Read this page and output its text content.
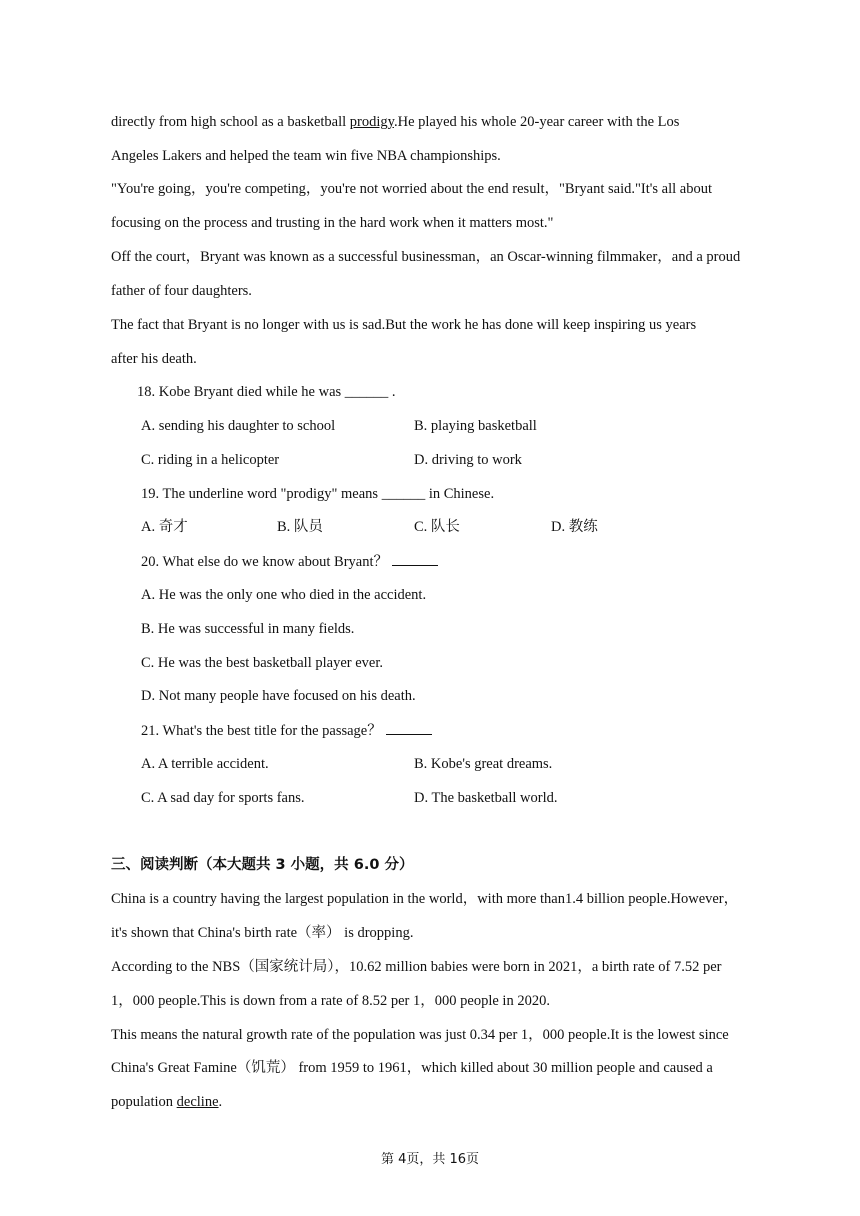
directly from high school as a basketball prodigy.He played his whole 20-year career with the Los
Angeles Lakers and helped the team win five NBA championships.
"You're going，you're competing，you're not worried about the end result，"Bryant said."It's all about
focusing on the process and trusting in the hard work when it matters most."
Off the court，Bryant was known as a successful businessman，an Oscar-winning filmmaker，and a proud
father of four daughters.
The fact that Bryant is no longer with us is sad.But the work he has done will keep inspiring us years
after his death.
18. Kobe Bryant died while he was ______ .
A. sending his daughter to school	B. playing basketball
C. riding in a helicopter	D. driving to work
19. The underline word "prodigy" means ______ in Chinese.
A. 奇才	B. 队员	C. 队长	D. 教练
20. What else do we know about Bryant？
A. He was the only one who died in the accident.
B. He was successful in many fields.
C. He was the best basketball player ever.
D. Not many people have focused on his death.
21. What's the best title for the passage？
A. A terrible accident.	B. Kobe's great dreams.
C. A sad day for sports fans.	D. The basketball world.
三、阅读判断（本大题共 3 小题，共 6.0 分）
China is a country having the largest population in the world，with more than1.4 billion people.However，
it's shown that China's birth rate（率） is dropping.
According to the NBS（国家统计局），10.62 million babies were born in 2021，a birth rate of 7.52 per
1，000 people.This is down from a rate of 8.52 per 1，000 people in 2020.
This means the natural growth rate of the population was just 0.34 per 1，000 people.It is the lowest since
China's Great Famine（饥荒） from 1959 to 1961，which killed about 30 million people and caused a
population decline.
第 4页，共 16页
